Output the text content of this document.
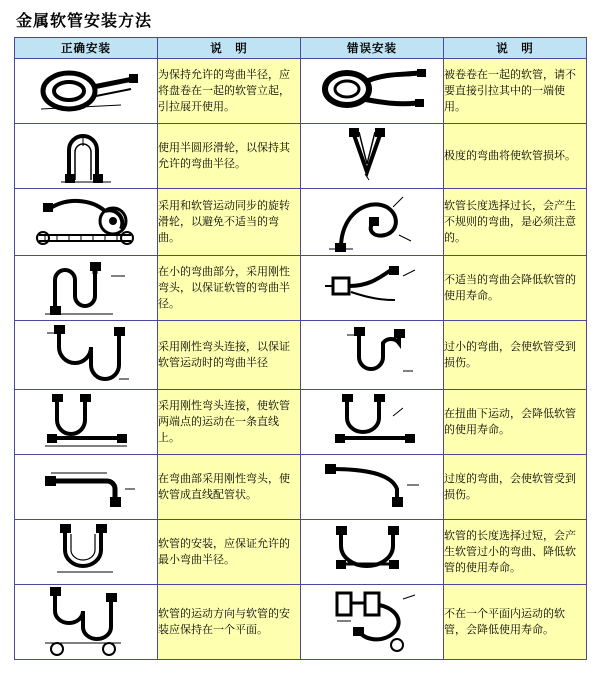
金属软管安装方法
正确安装	说　明	错误安装	说　明

	为保持允许的弯曲半径，应将盘卷在一起的软管立起，引拉展开使用。		被卷卷在一起的软管，请不要直接引拉其中的一端使用。

	使用半圆形滑轮，以保持其允许的弯曲半径。		极度的弯曲将使软管损坏。

	采用和软管运动同步的旋转滑轮，以避免不适当的弯曲。		软管长度选择过长，会产生不规则的弯曲，是必须注意的。

	在小的弯曲部分，采用刚性弯头，以保证软管的弯曲半径。		不适当的弯曲会降低软管的使用寿命。

	采用刚性弯头连接，以保证软管运动时的弯曲半径		过小的弯曲，会使软管受到损伤。

	采用刚性弯头连接，使软管两端点的运动在一条直线上。		在扭曲下运动，会降低软管的使用寿命。

	在弯曲部采用刚性弯头，使软管成直线配管状。		过度的弯曲，会使软管受到损伤。

	软管的安装，应保证允许的最小弯曲半径。		软管的长度选择过短，会产生软管过小的弯曲、降低软管的使用寿命。

	软管的运动方向与软管的安装应保持在一个平面。		不在一个平面内运动的软管，会降低使用寿命。
